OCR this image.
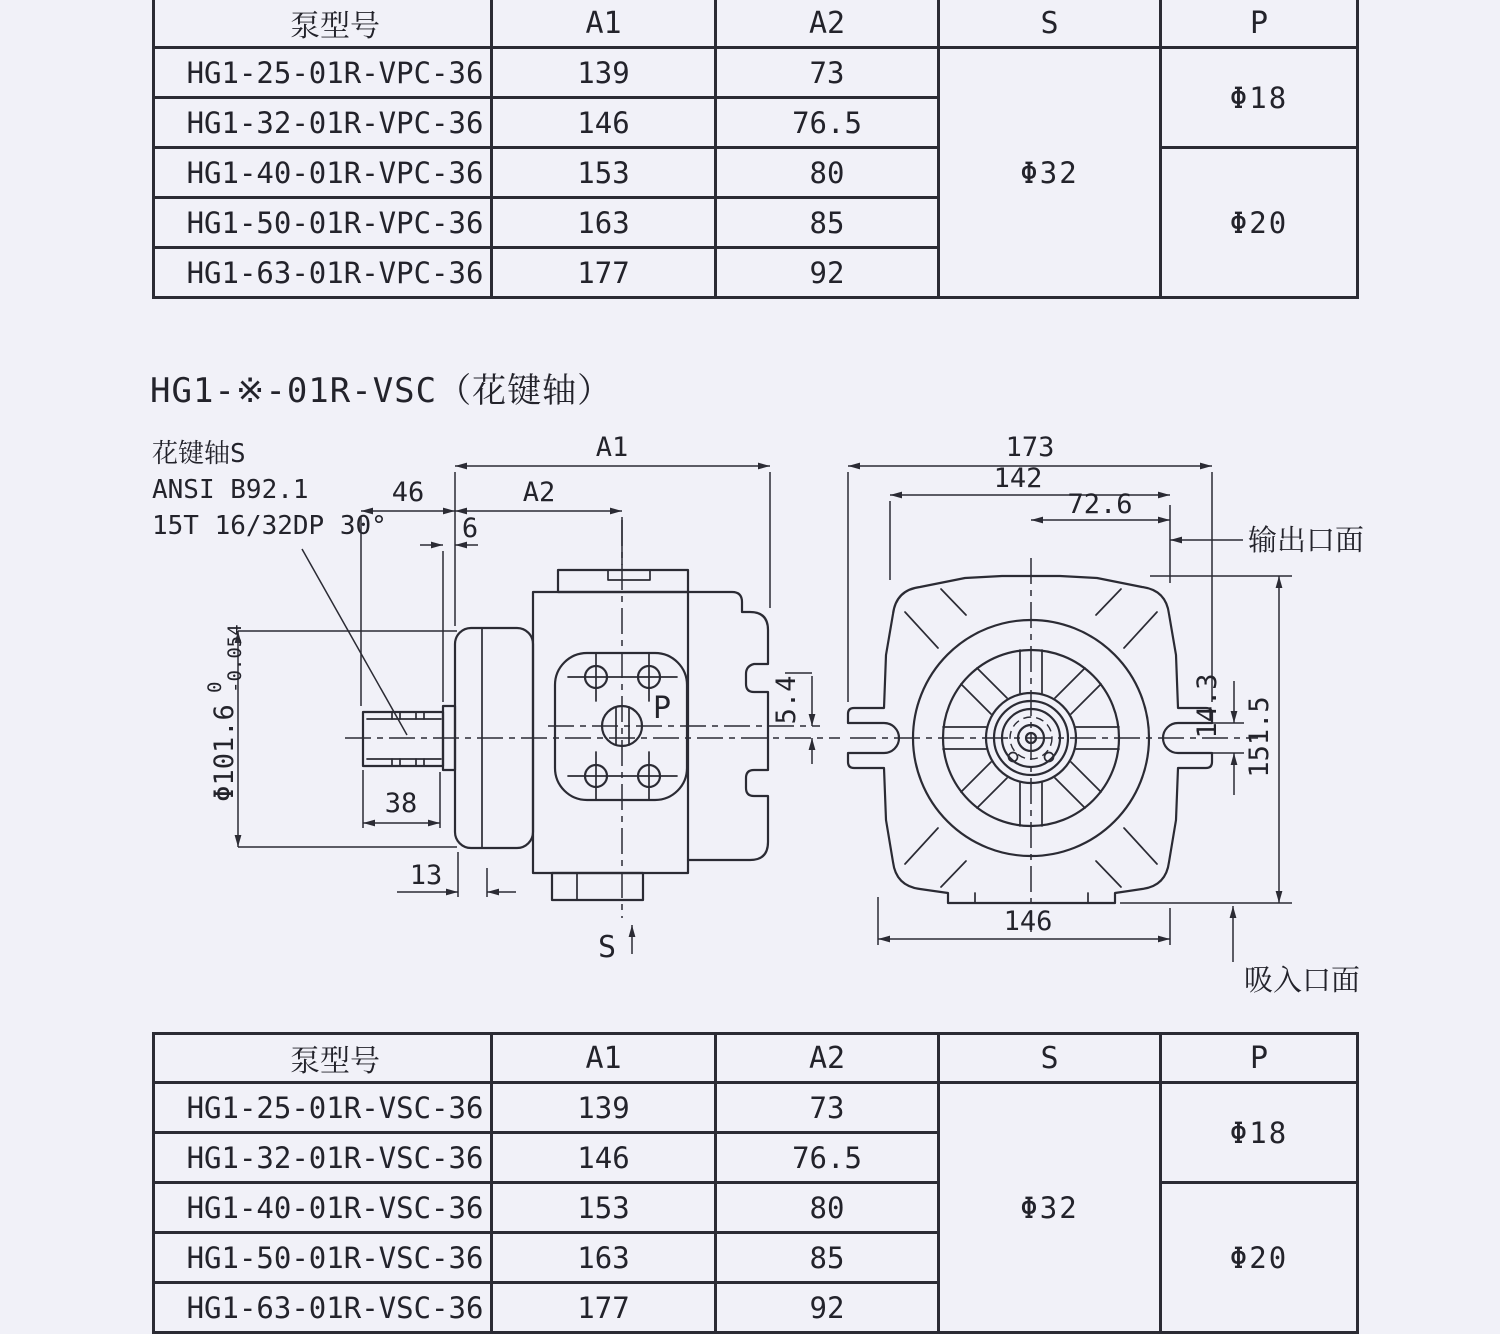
花键轴S
ANSI B92.1
15T 16/32DP 30°
A1
46	A2
6
Φ101.6
0
-0.054
38
13
5.4
P
S
173
142
72.6
输出口面
14.3 151.5
146
吸入口面
HG1-※-01R-VSC（花键轴）
泵型号	A1	A2	S	P
HG1-25-01R-VPC-36	139	73	Φ32	Φ18
HG1-32-01R-VPC-36	146	76.5		
HG1-40-01R-VPC-36	153	80		Φ20
HG1-50-01R-VPC-36	163	85		
HG1-63-01R-VPC-36	177	92		
泵型号	A1	A2	S	P
HG1-25-01R-VSC-36	139	73	Φ32	Φ18
HG1-32-01R-VSC-36	146	76.5		
HG1-40-01R-VSC-36	153	80		Φ20
HG1-50-01R-VSC-36	163	85		
HG1-63-01R-VSC-36	177	92		
